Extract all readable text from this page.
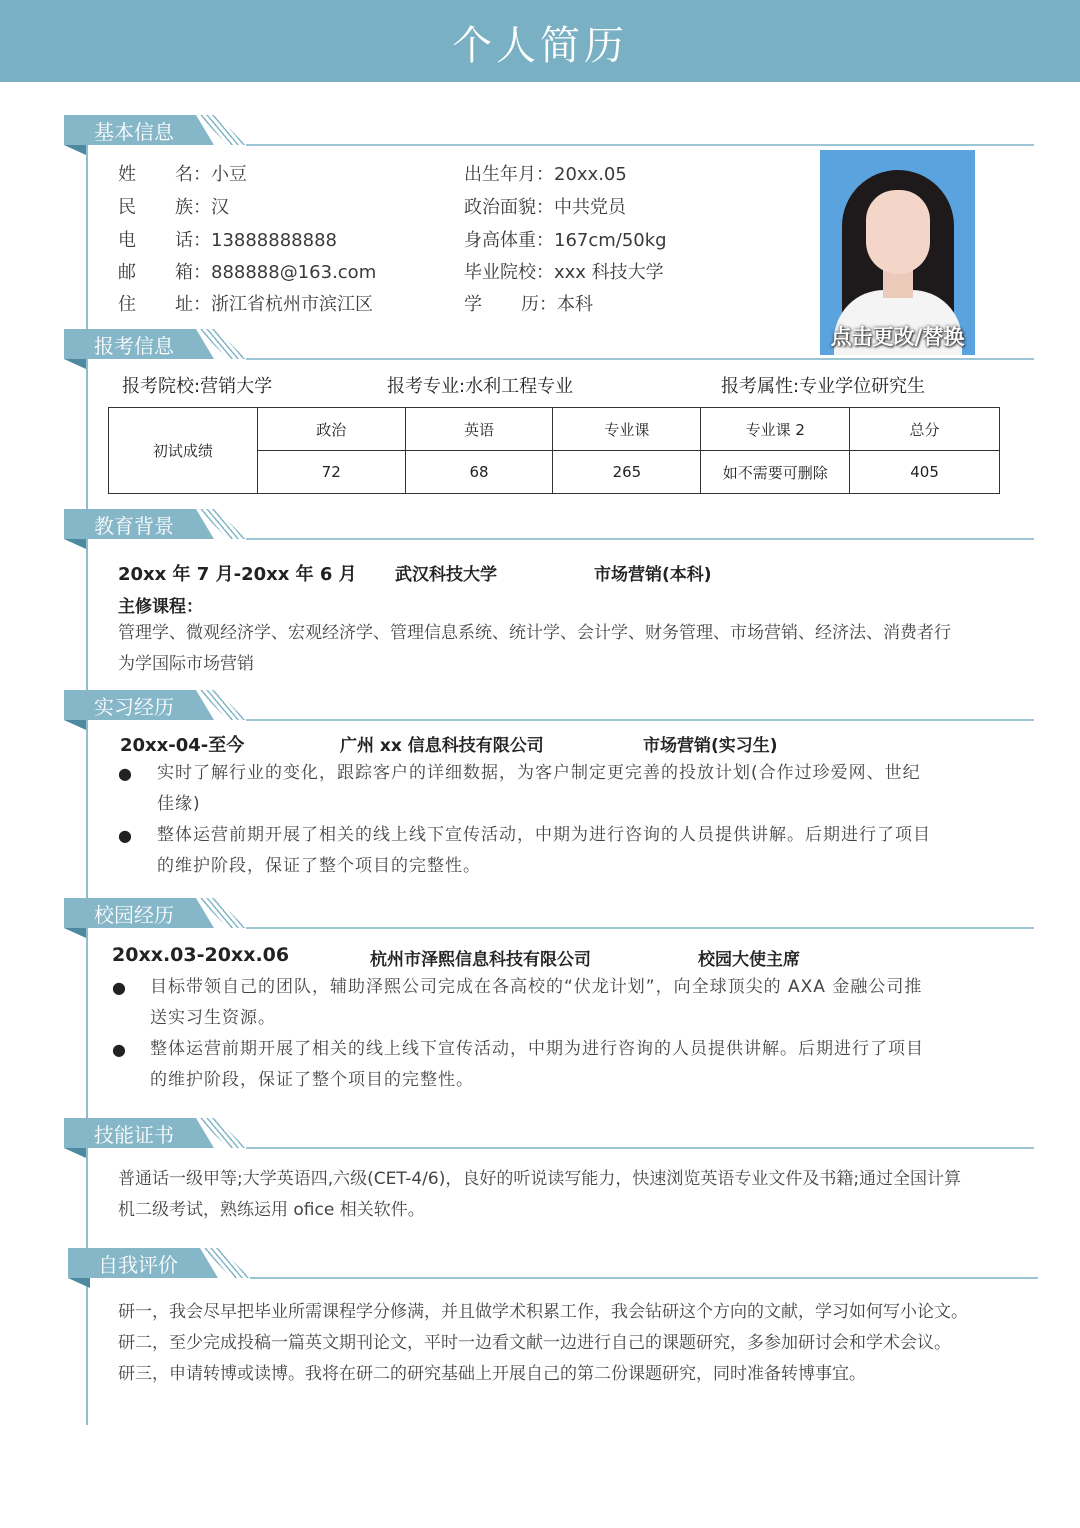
个人简历
基本信息
姓 名 ：小豆
民 族 ：汉
电 话 ：13888888888
邮 箱 ：888888@163.com
住 址 ：浙江省杭州市滨江区
出生年月：20xx.05
政治面貌：中共党员
身高体重：167cm/50kg
毕业院校：xxx 科技大学
学 历 ：本科
点击更改/替换
报考信息
报考院校:营销大学	报考专业:水利工程专业	报考属性:专业学位研究生
初试成绩	政治	英语	专业课	专业课 2	总分
	72	68	265	如不需要可删除	405
教育背景
20xx 年 7 月-20xx 年 6 月 武汉科技大学	市场营销(本科)
主修课程：
管理学、微观经济学、宏观经济学、管理信息系统、统计学、会计学、财务管理、市场营销、经济法、消费者行
为学国际市场营销
实习经历
20xx-04-至今	广州 xx 信息科技有限公司	市场营销(实习生)
● 实时了解行业的变化，跟踪客户的详细数据，为客户制定更完善的投放计划(合作过珍爱网、世纪
佳缘)
● 整体运营前期开展了相关的线上线下宣传活动，中期为进行咨询的人员提供讲解。后期进行了项目
的维护阶段，保证了整个项目的完整性。
校园经历
20xx.03-20xx.06	杭州市泽熙信息科技有限公司	校园大使主席
● 目标带领自己的团队，辅助泽熙公司完成在各高校的“伏龙计划”，向全球顶尖的 AXA 金融公司推
送实习生资源。
● 整体运营前期开展了相关的线上线下宣传活动，中期为进行咨询的人员提供讲解。后期进行了项目
的维护阶段，保证了整个项目的完整性。
技能证书
普通话一级甲等;大学英语四,六级(CET-4/6)，良好的听说读写能力，快速浏览英语专业文件及书籍;通过全国计算
机二级考试，熟练运用 ofice 相关软件。
自我评价
研一，我会尽早把毕业所需课程学分修满，并且做学术积累工作，我会钻研这个方向的文献，学习如何写小论文。
研二，至少完成投稿一篇英文期刊论文，平时一边看文献一边进行自己的课题研究，多参加研讨会和学术会议。
研三，申请转博或读博。我将在研二的研究基础上开展自己的第二份课题研究，同时准备转博事宜。
